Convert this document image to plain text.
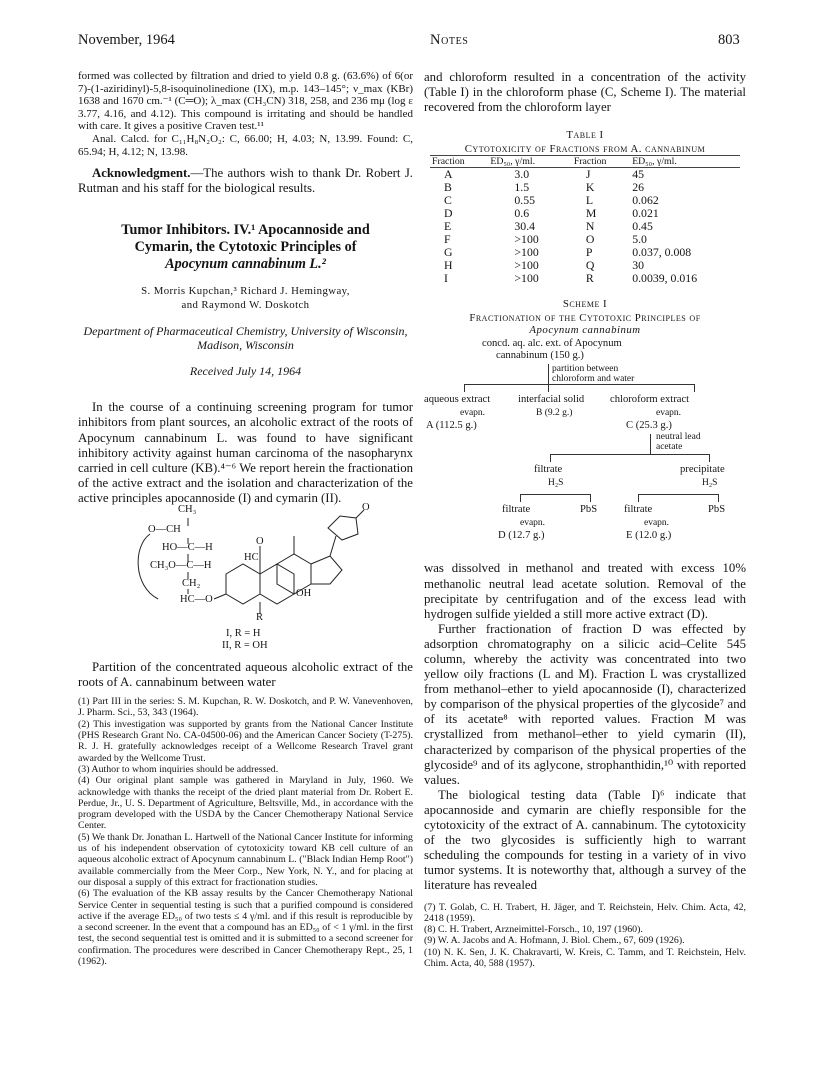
November, 1964	Notes	803

formed was collected by filtration and dried to yield 0.8 g. (63.6%) of 6(or 7)-(1-aziridinyl)-5,8-isoquinolinedione (IX), m.p. 143–145°; ν_max (KBr) 1638 and 1670 cm.⁻¹ (C═O); λ_max (CH₃CN) 318, 258, and 236 mμ (log ε 3.77, 4.16, and 4.12). This compound is irritating and should be handled with care. It gives a positive Craven test.¹¹

Anal. Calcd. for C₁₁H₈N₂O₂: C, 66.00; H, 4.03; N, 13.99. Found: C, 65.94; H, 4.12; N, 13.98.

Acknowledgment.—The authors wish to thank Dr. Robert J. Rutman and his staff for the biological results.

Tumor Inhibitors. IV.¹ Apocannoside and
Cymarin, the Cytotoxic Principles of
Apocynum cannabinum L.²
S. Morris Kupchan,³ Richard J. Hemingway,
and Raymond W. Doskotch
Department of Pharmaceutical Chemistry, University of Wisconsin,
Madison, Wisconsin
Received July 14, 1964

In the course of a continuing screening program for tumor inhibitors from plant sources, an alcoholic extract of the roots of Apocynum cannabinum L. was found to have significant inhibitory activity against human carcinoma of the nasopharynx carried in cell culture (KB).⁴⁻⁶ We report herein the fractionation of the active extract and the isolation and characterization of the active principles apocannoside (I) and cymarin (II).

CH₃
O—CH
HO—C—H
CH₃O—C—H
CH₂
HC—O
O
HC
OH
R
O
I, R = H
II, R = OH

Partition of the concentrated aqueous alcoholic extract of the roots of A. cannabinum between water

(1) Part III in the series: S. M. Kupchan, R. W. Doskotch, and P. W. Vanevenhoven, J. Pharm. Sci., 53, 343 (1964).

(2) This investigation was supported by grants from the National Cancer Institute (PHS Research Grant No. CA-04500-06) and the American Cancer Society (T-275). R. J. H. gratefully acknowledges receipt of a Wellcome Research Travel grant awarded by the Wellcome Trust.

(3) Author to whom inquiries should be addressed.

(4) Our original plant sample was gathered in Maryland in July, 1960. We acknowledge with thanks the receipt of the dried plant material from Dr. Robert E. Perdue, Jr., U. S. Department of Agriculture, Beltsville, Md., in accordance with the program developed with the USDA by the Cancer Chemotherapy National Service Center.

(5) We thank Dr. Jonathan L. Hartwell of the National Cancer Institute for informing us of his independent observation of cytotoxicity toward KB cell culture of an aqueous alcoholic extract of Apocynum cannabinum L. ("Black Indian Hemp Root") available commercially from the Meer Corp., New York, N. Y., and for placing at our disposal a supply of this extract for fractionation studies.

(6) The evaluation of the KB assay results by the Cancer Chemotherapy National Service Center in sequential testing is such that a purified compound is considered active if the average ED₅₀ of two tests ≤ 4 γ/ml. and if this result is reproducible by a second screener. In the event that a compound has an ED₅₀ of < 1 γ/ml. in the first test, the second sequential test is omitted and it is submitted to a second screener for confirmation. The procedures were described in Cancer Chemotherapy Rept., 25, 1 (1962).

and chloroform resulted in a concentration of the activity (Table I) in the chloroform phase (C, Scheme I). The material recovered from the chloroform layer

Table I
Cytotoxicity of Fractions from A. cannabinum
Fraction	ED₅₀, γ/ml.	Fraction	ED₅₀, γ/ml.
A	3.0	J	45
B	1.5	K	26
C	0.55	L	0.062
D	0.6	M	0.021
E	30.4	N	0.45
F	>100	O	5.0
G	>100	P	0.037, 0.008
H	>100	Q	30
I	>100	R	0.0039, 0.016
Scheme I
Fractionation of the Cytotoxic Principles of
Apocynum cannabinum
concd. aq. alc. ext. of Apocynum
cannabinum (150 g.)
partition between
chloroform and water
aqueous extract
evapn.
A (112.5 g.)
interfacial solid
B (9.2 g.)
chloroform extract
evapn.
C (25.3 g.)
neutral lead
acetate
filtrate
H₂S
precipitate
H₂S
filtrate	PbS	filtrate	PbS
evapn.
D (12.7 g.)
evapn.
E (12.0 g.)

was dissolved in methanol and treated with excess 10% methanolic neutral lead acetate solution. Removal of the precipitate by centrifugation and of the excess lead with hydrogen sulfide yielded a still more active extract (D).

Further fractionation of fraction D was effected by adsorption chromatography on a silicic acid–Celite 545 column, whereby the activity was concentrated into two yellow oily fractions (L and M). Fraction L was crystallized from methanol–ether to yield apocannoside (I), characterized by comparison of the physical properties of the glycoside⁷ and of its acetate⁸ with reported values. Fraction M was crystallized from methanol–ether to yield cymarin (II), characterized by comparison of the physical properties of the glycoside⁹ and of its aglycone, strophanthidin,¹⁰ with reported values.

The biological testing data (Table I)⁶ indicate that apocannoside and cymarin are chiefly responsible for the cytotoxicity of the extract of A. cannabinum. The cytotoxicity of the two glycosides is sufficiently high to warrant scheduling the compounds for testing in a variety of in vivo tumor systems. It is noteworthy that, although a survey of the literature has revealed

(7) T. Golab, C. H. Trabert, H. Jäger, and T. Reichstein, Helv. Chim. Acta, 42, 2418 (1959).

(8) C. H. Trabert, Arzneimittel-Forsch., 10, 197 (1960).

(9) W. A. Jacobs and A. Hofmann, J. Biol. Chem., 67, 609 (1926).

(10) N. K. Sen, J. K. Chakravarti, W. Kreis, C. Tamm, and T. Reichstein, Helv. Chim. Acta, 40, 588 (1957).
